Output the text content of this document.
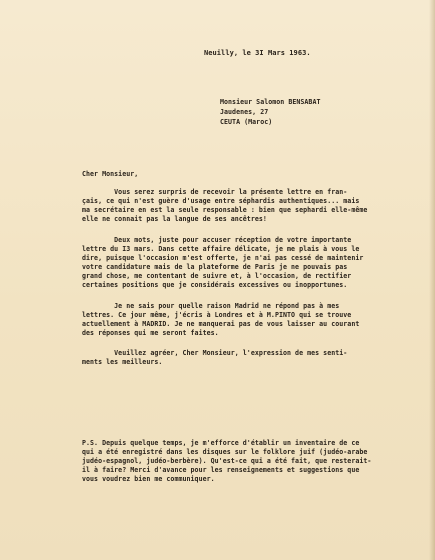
Neuilly, le 3I Mars 1963.
Monsieur Salomon BENSABAT
Jaudenes, 27
CEUTA (Maroc)
Cher Monsieur,
Vous serez surpris de recevoir la présente lettre en fran-
çais, ce qui n'est guère d'usage entre séphardis authentiques... mais
ma secrétaire en est la seule responsable : bien que sephardi elle-même
elle ne connait pas la langue de ses ancêtres!
Deux mots, juste pour accuser réception de votre importante
lettre du I3 mars. Dans cette affaire délicate, je me plais à vous le
dire, puisque l'occasion m'est offerte, je n'ai pas cessé de maintenir
votre candidature mais de la plateforme de Paris je ne pouvais pas
grand chose, me contentant de suivre et, à l'occasion, de rectifier
certaines positions que je considérais excessives ou inopportunes.
Je ne sais pour quelle raison Madrid ne répond pas à mes
lettres. Ce jour même, j'écris à Londres et à M.PINTO qui se trouve
actuellement à MADRID. Je ne manquerai pas de vous laisser au courant
des réponses qui me seront faites.
Veuillez agréer, Cher Monsieur, l'expression de mes senti-
ments les meilleurs.
P.S. Depuis quelque temps, je m'efforce d'établir un inventaire de ce
qui a été enregistré dans les disques sur le folklore juif (judéo-arabe
judéo-espagnol, judéo-berbère). Qu'est-ce qui a été fait, que resterait-
il à faire? Merci d'avance pour les renseignements et suggestions que
vous voudrez bien me communiquer.
